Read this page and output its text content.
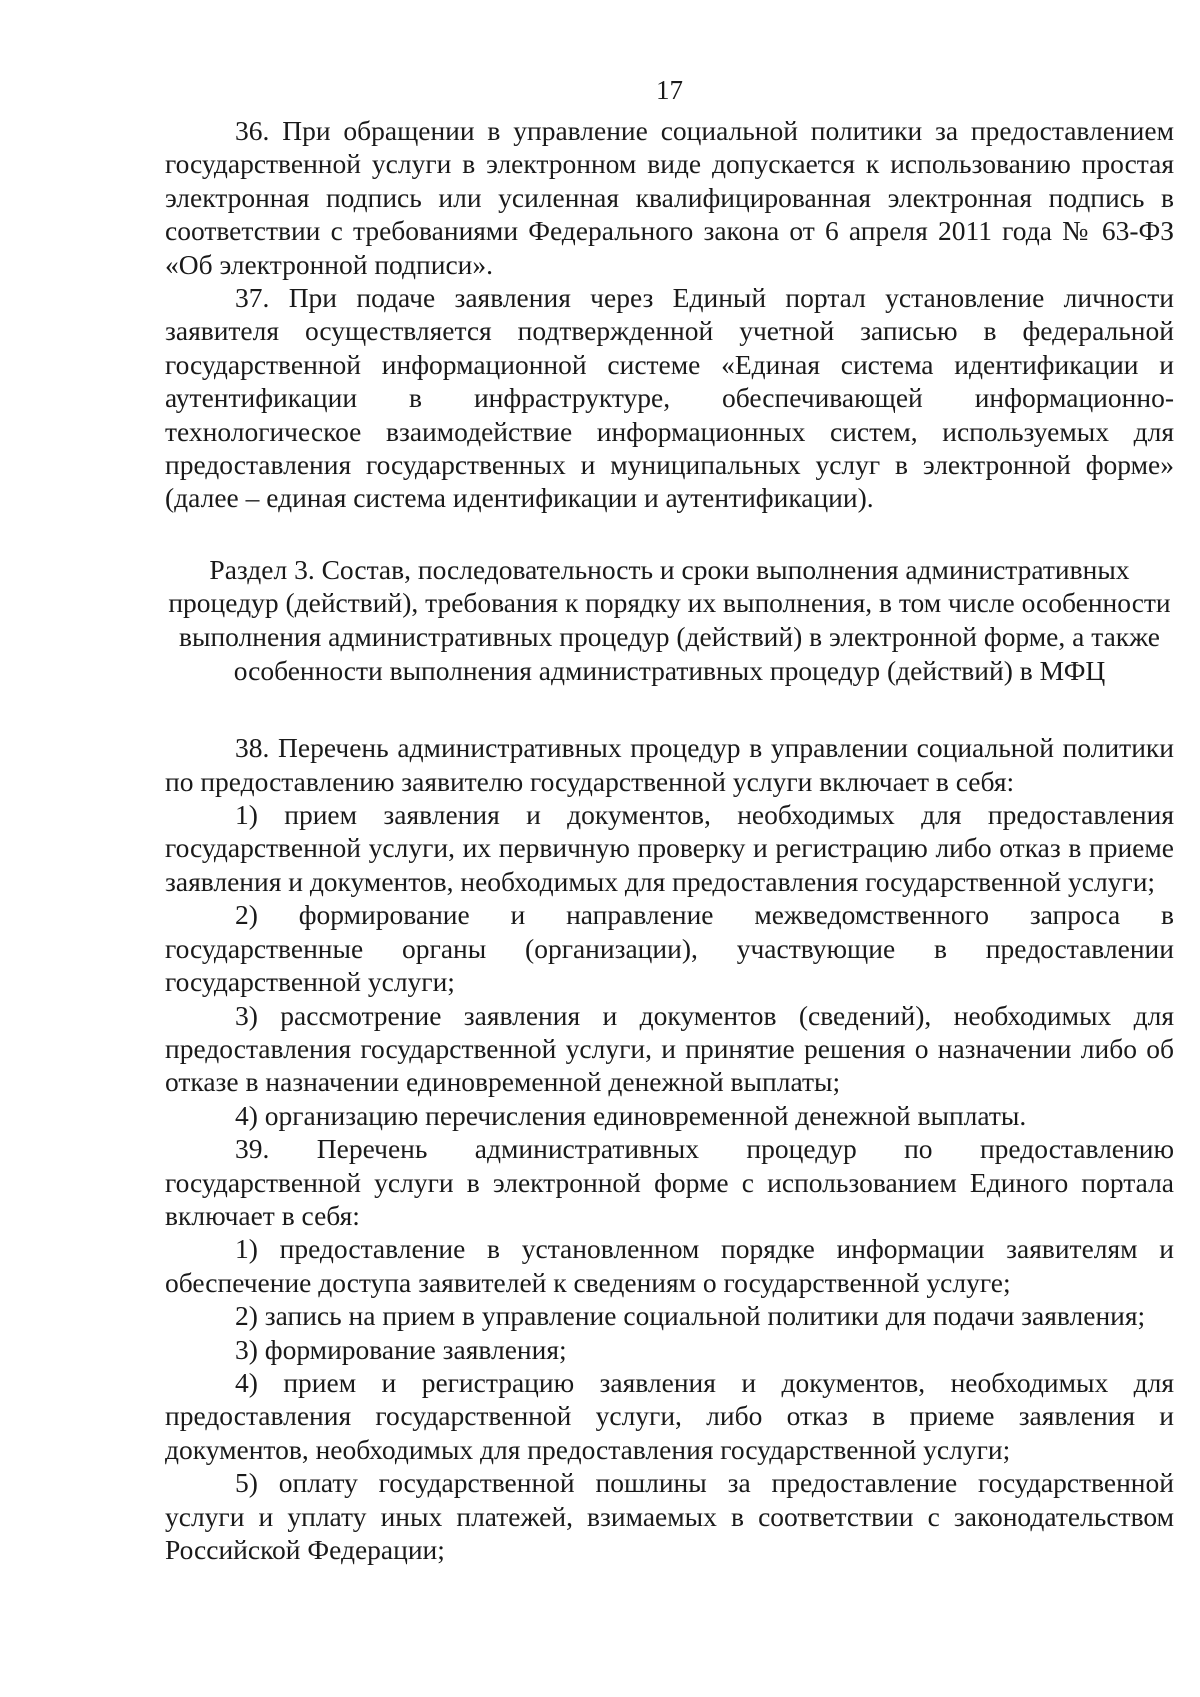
17

36. При обращении в управление социальной политики за предоставлением государственной услуги в электронном виде допускается к использованию простая электронная подпись или усиленная квалифицированная электронная подпись в соответствии с требованиями Федерального закона от 6 апреля 2011 года № 63-ФЗ «Об электронной подписи».

37. При подаче заявления через Единый портал установление личности заявителя осуществляется подтвержденной учетной записью в федеральной государственной информационной системе «Единая система идентификации и аутентификации в инфраструктуре, обеспечивающей информационно-технологическое взаимодействие информационных систем, используемых для предоставления государственных и муниципальных услуг в электронной форме» (далее – единая система идентификации и аутентификации).

Раздел 3. Состав, последовательность и сроки выполнения административных процедур (действий), требования к порядку их выполнения, в том числе особенности выполнения административных процедур (действий) в электронной форме, а также особенности выполнения административных процедур (действий) в МФЦ

38. Перечень административных процедур в управлении социальной политики по предоставлению заявителю государственной услуги включает в себя:

1) прием заявления и документов, необходимых для предоставления государственной услуги, их первичную проверку и регистрацию либо отказ в приеме заявления и документов, необходимых для предоставления государственной услуги;

2) формирование и направление межведомственного запроса в государственные органы (организации), участвующие в предоставлении государственной услуги;

3) рассмотрение заявления и документов (сведений), необходимых для предоставления государственной услуги, и принятие решения о назначении либо об отказе в назначении единовременной денежной выплаты;

4) организацию перечисления единовременной денежной выплаты.

39. Перечень административных процедур по предоставлению государственной услуги в электронной форме с использованием Единого портала включает в себя:

1) предоставление в установленном порядке информации заявителям и обеспечение доступа заявителей к сведениям о государственной услуге;

2) запись на прием в управление социальной политики для подачи заявления;

3) формирование заявления;

4) прием и регистрацию заявления и документов, необходимых для предоставления государственной услуги, либо отказ в приеме заявления и документов, необходимых для предоставления государственной услуги;

5) оплату государственной пошлины за предоставление государственной услуги и уплату иных платежей, взимаемых в соответствии с законодательством Российской Федерации;
